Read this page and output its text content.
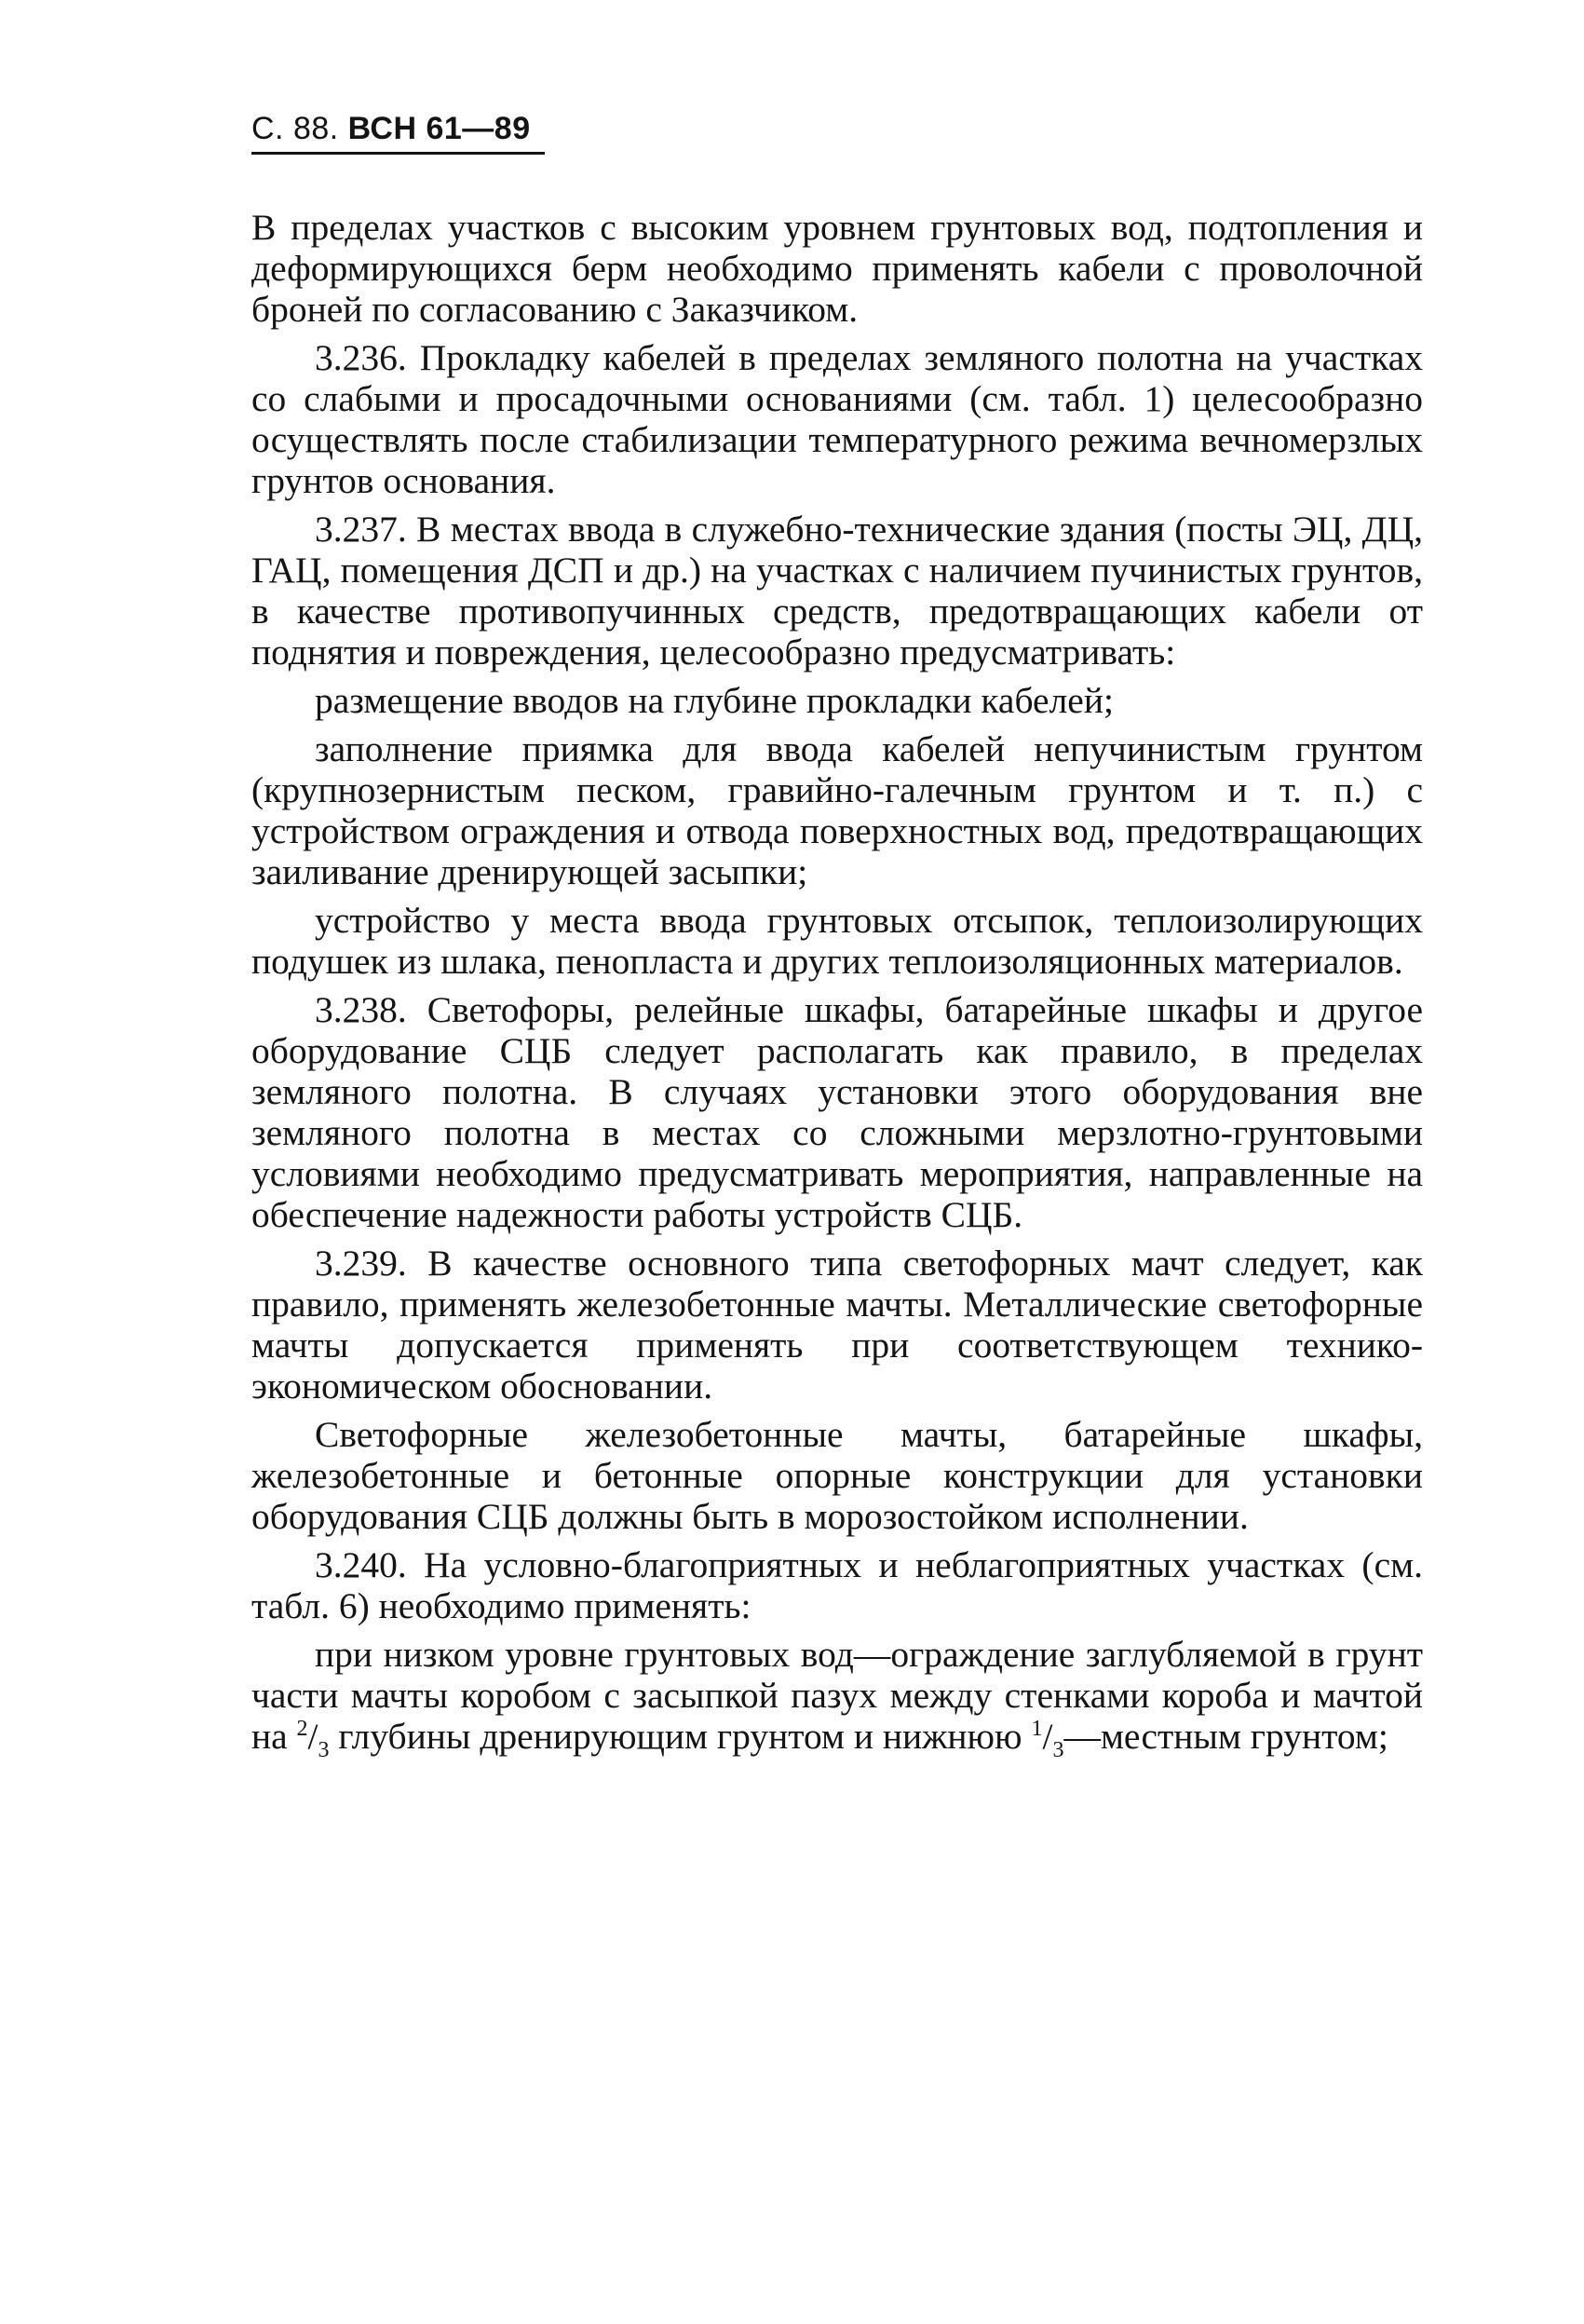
С. 88. ВСН 61—89

В пределах участков с высоким уровнем грунтовых вод, подтопления и деформирующихся берм необходимо применять кабели с проволочной броней по согласованию с Заказчиком.

3.236. Прокладку кабелей в пределах земляного полотна на участках со слабыми и просадочными основаниями (см. табл. 1) целесообразно осуществлять после стабилизации температурного режима вечномерзлых грунтов основания.

3.237. В местах ввода в служебно-технические здания (посты ЭЦ, ДЦ, ГАЦ, помещения ДСП и др.) на участках с наличием пучинистых грунтов, в качестве противопучинных средств, предотвращающих кабели от поднятия и повреждения, целесообразно предусматривать:

размещение вводов на глубине прокладки кабелей;

заполнение приямка для ввода кабелей непучинистым грунтом (крупнозернистым песком, гравийно-галечным грунтом и т. п.) с устройством ограждения и отвода поверхностных вод, предотвращающих заиливание дренирующей засыпки;

устройство у места ввода грунтовых отсыпок, теплоизолирующих подушек из шлака, пенопласта и других теплоизоляционных материалов.

3.238. Светофоры, релейные шкафы, батарейные шкафы и другое оборудование СЦБ следует располагать как правило, в пределах земляного полотна. В случаях установки этого оборудования вне земляного полотна в местах со сложными мерзлотно-грунтовыми условиями необходимо предусматривать мероприятия, направленные на обеспечение надежности работы устройств СЦБ.

3.239. В качестве основного типа светофорных мачт следует, как правило, применять железобетонные мачты. Металлические светофорные мачты допускается применять при соответствующем технико-экономическом обосновании.

Светофорные железобетонные мачты, батарейные шкафы, железобетонные и бетонные опорные конструкции для установки оборудования СЦБ должны быть в морозостойком исполнении.

3.240. На условно-благоприятных и неблагоприятных участках (см. табл. 6) необходимо применять:

при низком уровне грунтовых вод—ограждение заглубляемой в грунт части мачты коробом с засыпкой пазух между стенками короба и мачтой на $^2/_3$ глубины дренирующим грунтом и нижнюю $^1/_3—местным$ грунтом;
